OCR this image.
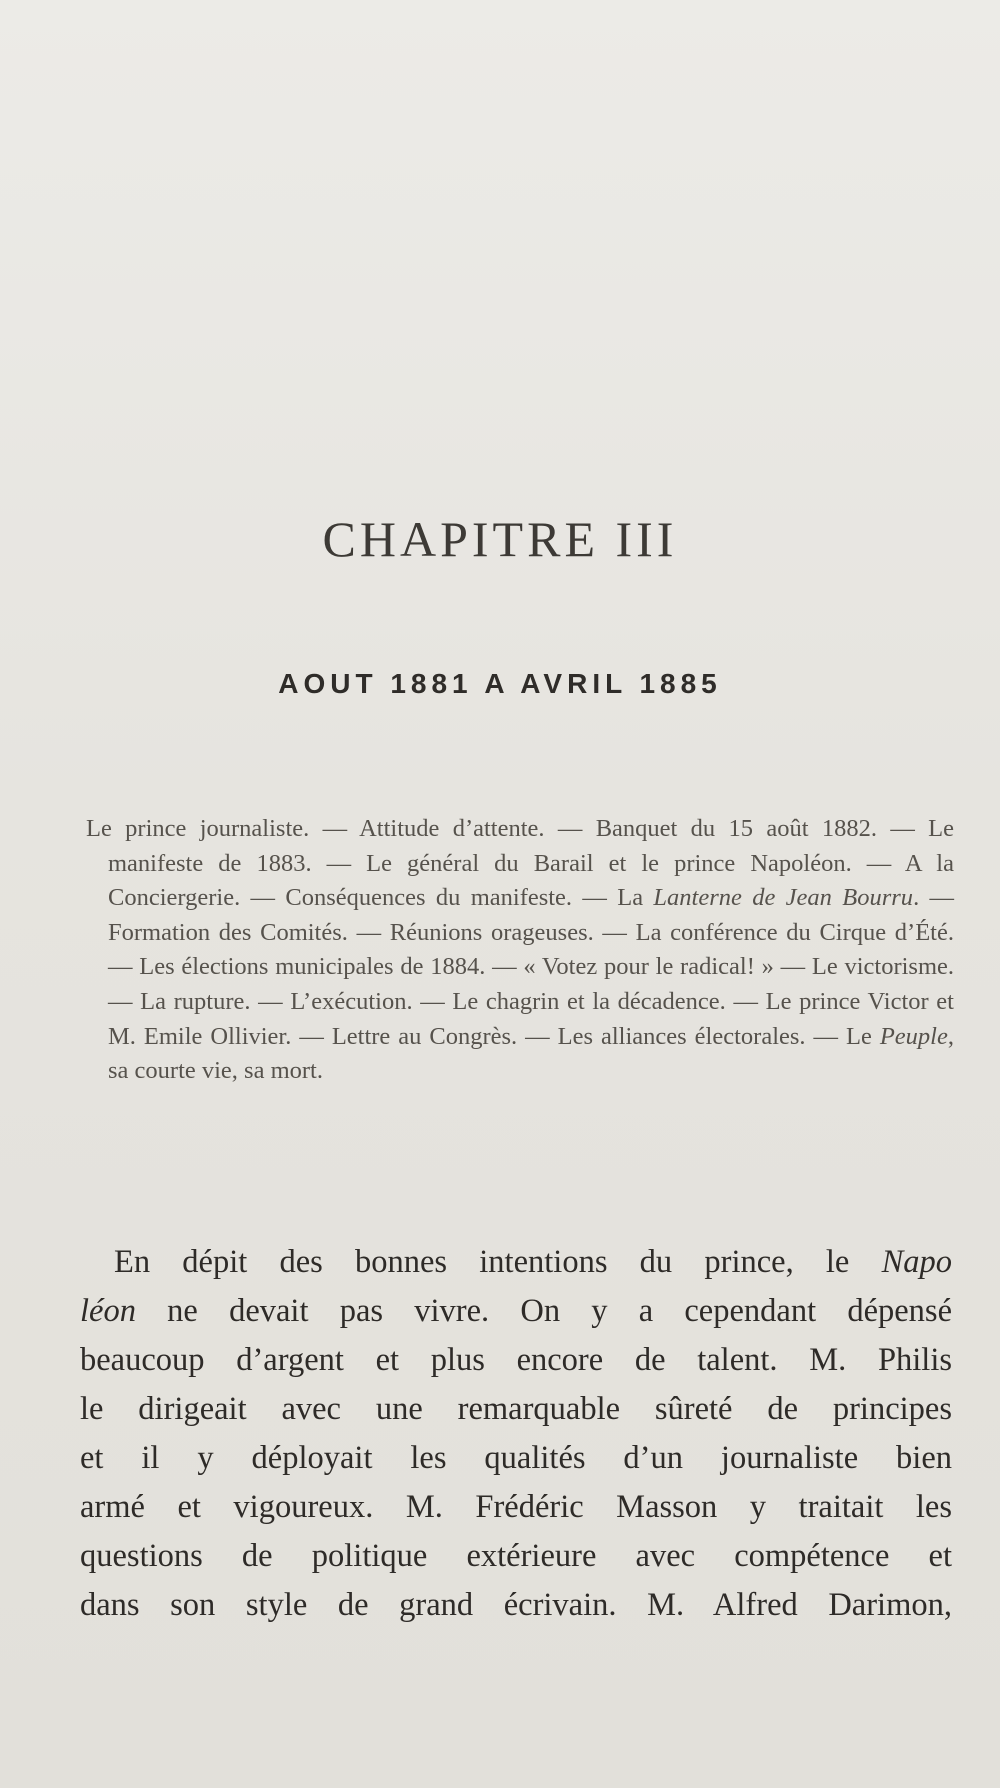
CHAPITRE III
AOUT 1881 A AVRIL 1885

Le prince journaliste. — Attitude d’attente. — Banquet du 15 août 1882. — Le manifeste de 1883. — Le général du Barail et le prince Napoléon. — A la Conciergerie. — Conséquences du manifeste. — La Lanterne de Jean Bourru. — Formation des Comités. — Réunions orageuses. — La conférence du Cirque d’Été. — Les élections municipales de 1884. — « Votez pour le radical! » — Le victorisme. — La rupture. — L’exécution. — Le chagrin et la décadence. — Le prince Victor et M. Emile Ollivier. — Lettre au Congrès. — Les alliances électorales. — Le Peuple, sa courte vie, sa mort.

En dépit des bonnes intentions du prince, le Napo
léon ne devait pas vivre. On y a cependant dépensé
beaucoup d’argent et plus encore de talent. M. Philis
le dirigeait avec une remarquable sûreté de principes
et il y déployait les qualités d’un journaliste bien
armé et vigoureux. M. Frédéric Masson y traitait les
questions de politique extérieure avec compétence et
dans son style de grand écrivain. M. Alfred Darimon,
